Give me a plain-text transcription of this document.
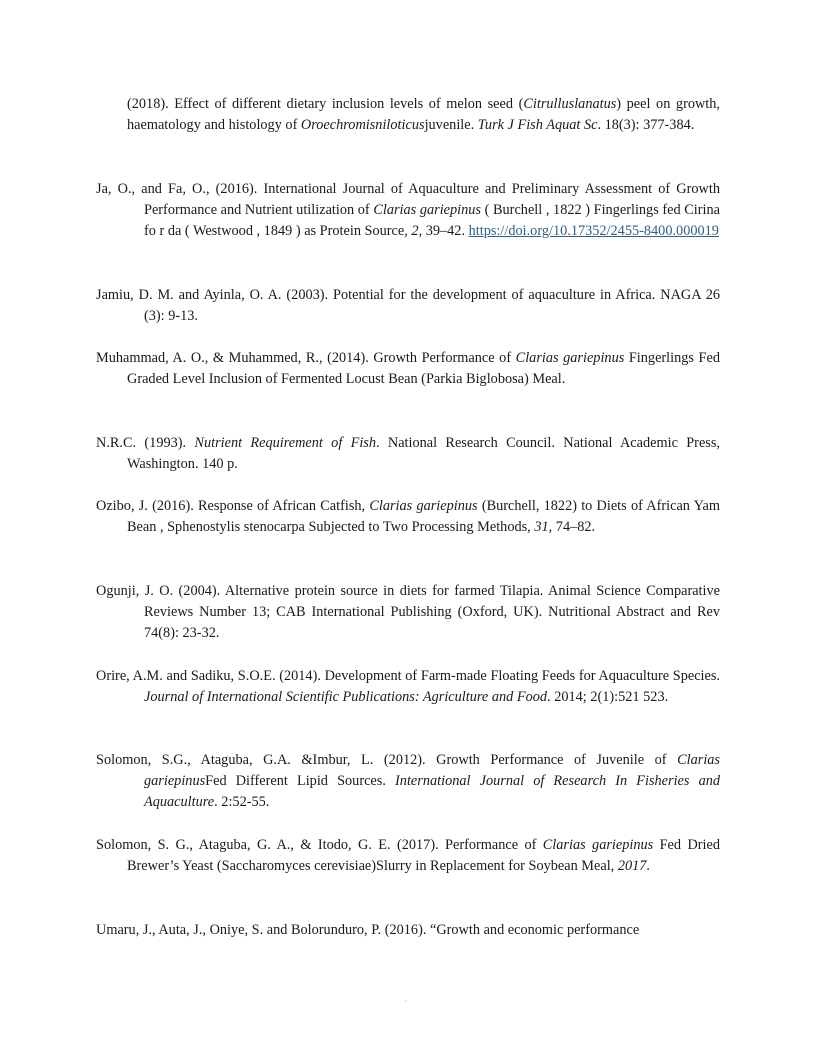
(2018). Effect of different dietary inclusion levels of melon seed (Citrulluslanatus) peel on growth, haematology and histology of Oroechromisniloticusjuvenile. Turk J Fish Aquat Sc. 18(3): 377-384.

Ja, O., and Fa, O., (2016). International Journal of Aquaculture and Preliminary Assessment of Growth Performance and Nutrient utilization of Clarias gariepinus ( Burchell , 1822 ) Fingerlings fed Cirina fo r da ( Westwood , 1849 ) as Protein Source, 2, 39–42. https://doi.org/10.17352/2455-8400.000019

Jamiu, D. M. and Ayinla, O. A. (2003). Potential for the development of aquaculture in Africa. NAGA 26 (3): 9-13.

Muhammad, A. O., & Muhammed, R., (2014). Growth Performance of Clarias gariepinus Fingerlings Fed Graded Level Inclusion of Fermented Locust Bean (Parkia Biglobosa) Meal.

N.R.C. (1993). Nutrient Requirement of Fish. National Research Council. National Academic Press, Washington. 140 p.

Ozibo, J. (2016). Response of African Catfish, Clarias gariepinus (Burchell, 1822) to Diets of African Yam Bean , Sphenostylis stenocarpa Subjected to Two Processing Methods, 31, 74–82.

Ogunji, J. O. (2004). Alternative protein source in diets for farmed Tilapia. Animal Science Comparative Reviews Number 13; CAB International Publishing (Oxford, UK). Nutritional Abstract and Rev 74(8): 23-32.

Orire, A.M. and Sadiku, S.O.E. (2014). Development of Farm-made Floating Feeds for Aquaculture Species. Journal of International Scientific Publications: Agriculture and Food. 2014; 2(1):521 523.

Solomon, S.G., Ataguba, G.A. &Imbur, L. (2012). Growth Performance of Juvenile of Clarias gariepinusFed Different Lipid Sources. International Journal of Research In Fisheries and Aquaculture. 2:52-55.

Solomon, S. G., Ataguba, G. A., & Itodo, G. E. (2017). Performance of Clarias gariepinus Fed Dried Brewer’s Yeast (Saccharomyces cerevisiae)Slurry in Replacement for Soybean Meal, 2017.

Umaru, J., Auta, J., Oniye, S. and Bolorunduro, P. (2016). “Growth and economic performance
